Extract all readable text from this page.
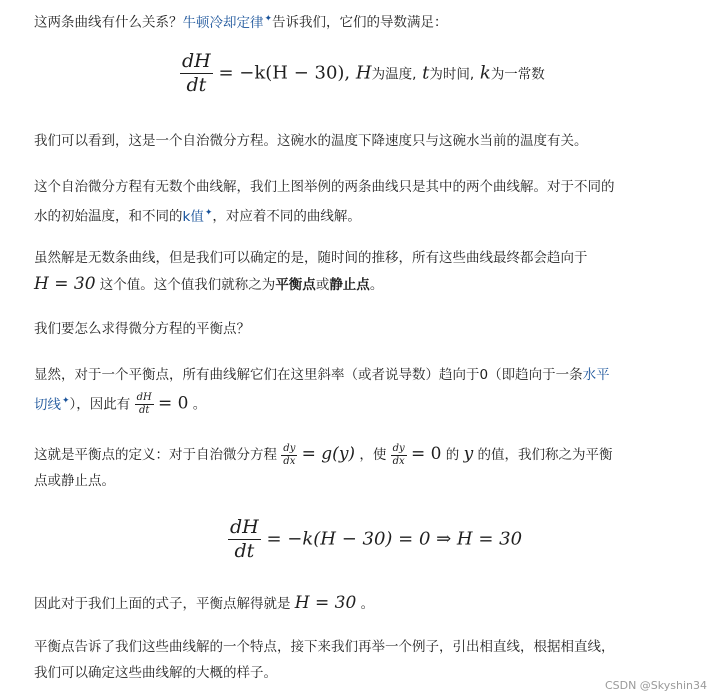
这两条曲线有什么关系？牛顿冷却定律✦告诉我们，它们的导数满足：

$\frac{dH}{dt} = -k(H - 30)$, H为温度, t为时间, k为一常数

我们可以看到，这是一个自治微分方程。这碗水的温度下降速度只与这碗水当前的温度有关。

这个自治微分方程有无数个曲线解，我们上图举例的两条曲线只是其中的两个曲线解。对于不同的
水的初始温度，和不同的k值✦，对应着不同的曲线解。

虽然解是无数条曲线，但是我们可以确定的是，随时间的推移，所有这些曲线最终都会趋向于
H = 30 这个值。这个值我们就称之为平衡点或静止点。

我们要怎么求得微分方程的平衡点？

显然，对于一个平衡点，所有曲线解它们在这里斜率（或者说导数）趋向于0（即趋向于一条水平
切线✦），因此有 $\frac{dH}{dt} = 0$ 。

这就是平衡点的定义：对于自治微分方程 $\frac{dy}{dx} = g(y)$ ，使 $\frac{dy}{dx} = 0$ 的 y 的值，我们称之为平衡
点或静止点。

$\frac{dH}{dt} = -k(H - 30) = 0$ ⇒ H = 30

因此对于我们上面的式子，平衡点解得就是 H = 30 。

平衡点告诉了我们这些曲线解的一个特点，接下来我们再举一个例子，引出相直线，根据相直线，
我们可以确定这些曲线解的大概的样子。

CSDN @Skyshin34
